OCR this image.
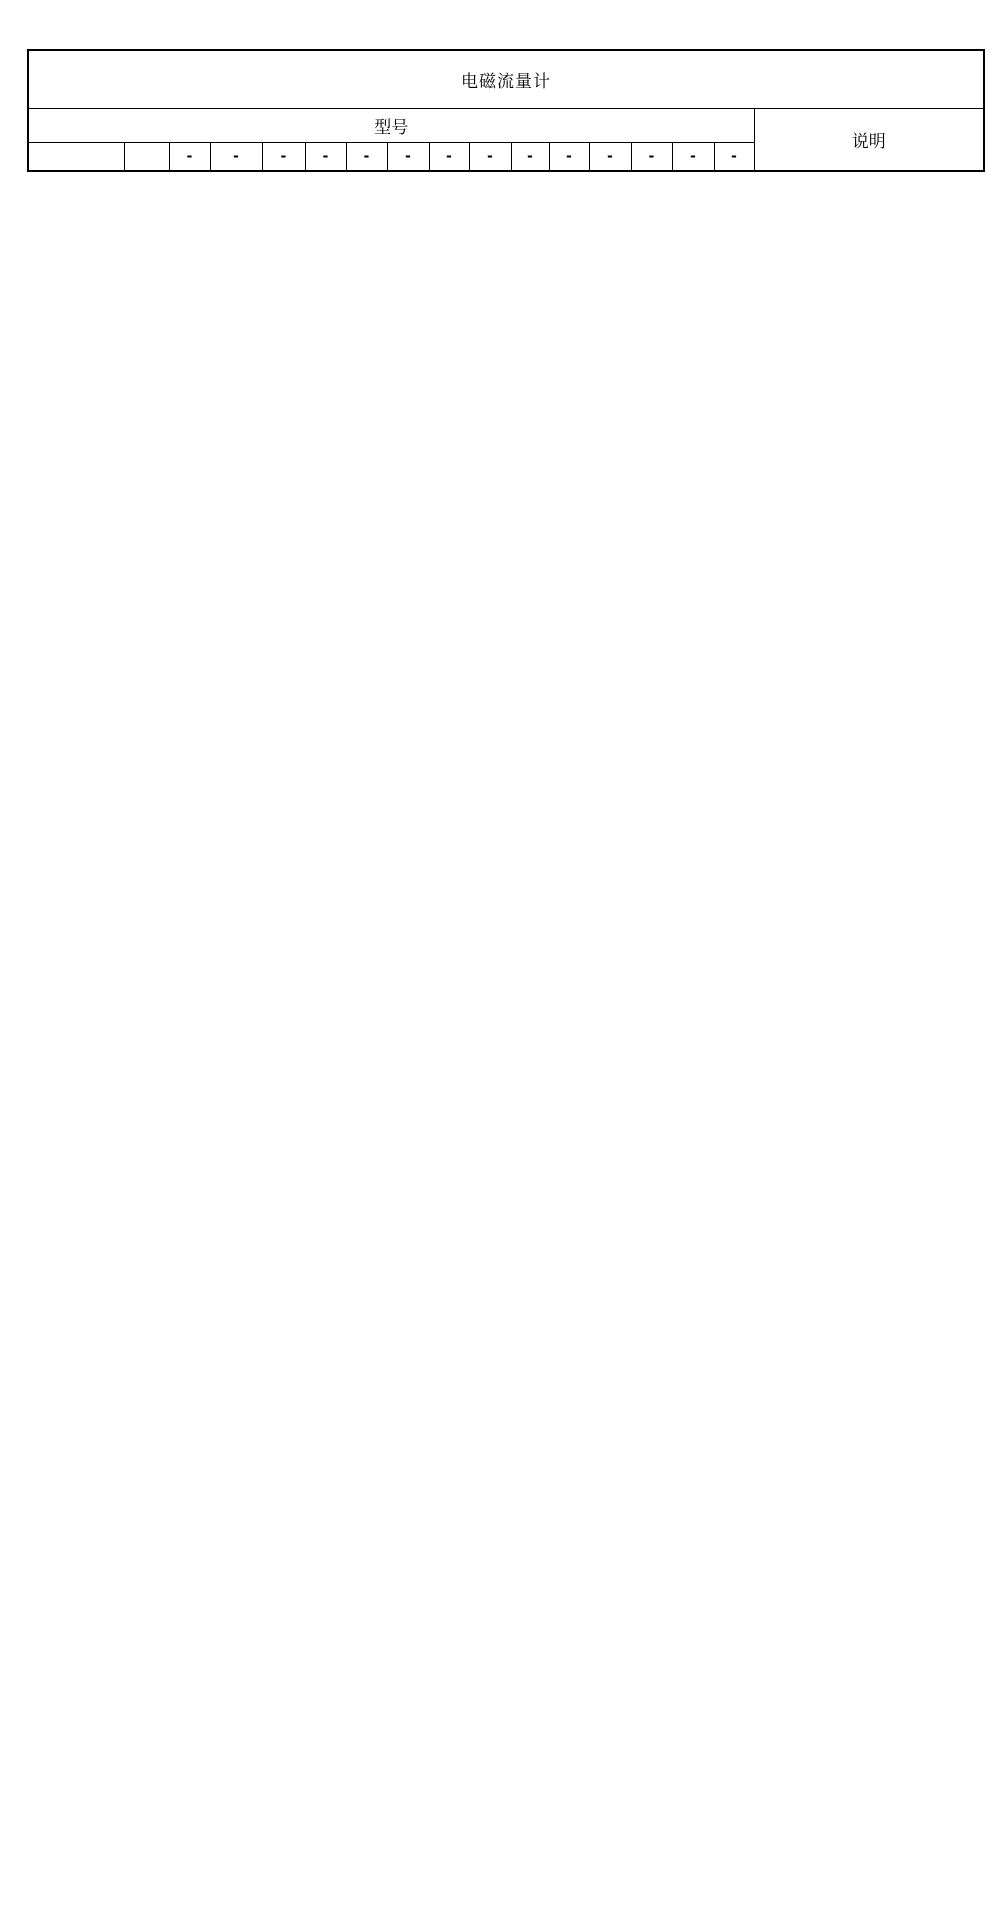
电磁流量计																
型号																说明
		-	-	-	-	-	-	-	-	-	-	-	-	-	-	
